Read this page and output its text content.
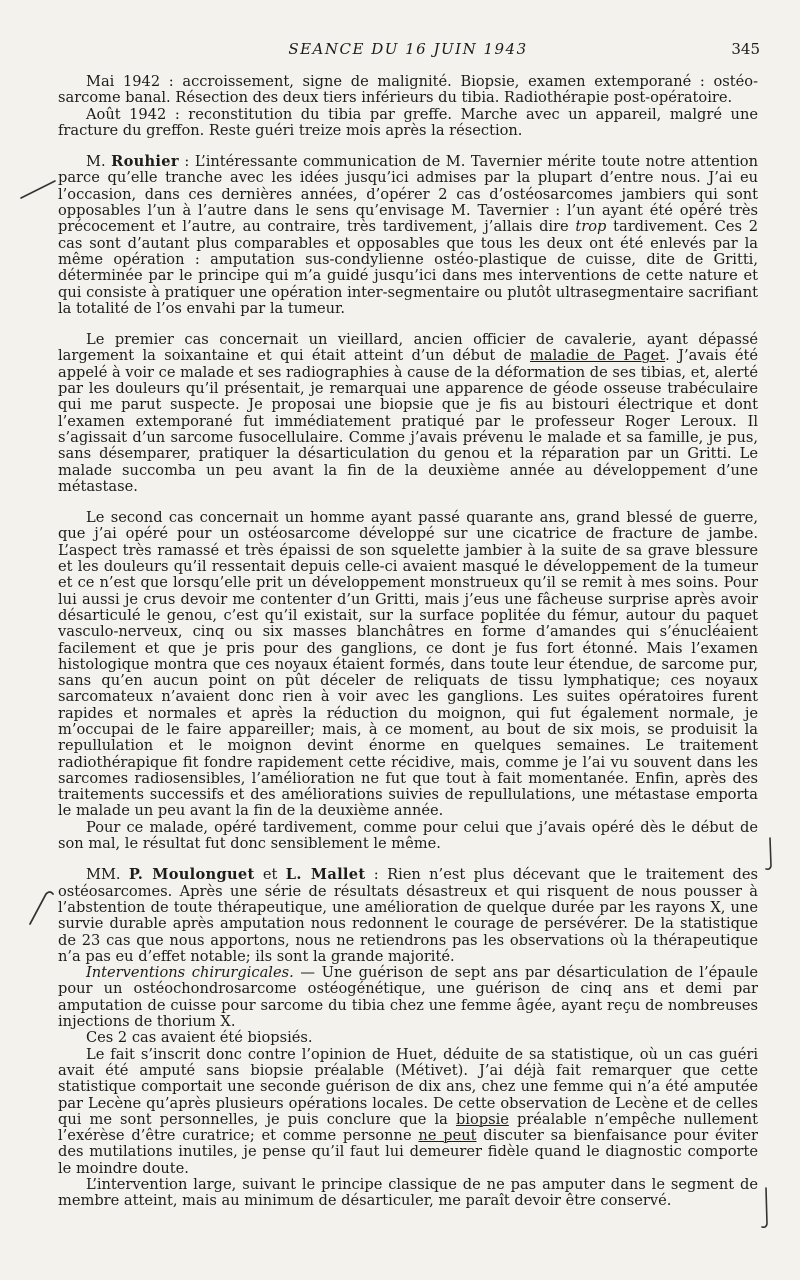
SEANCE DU 16 JUIN 1943	345

Mai 1942 : accroissement, signe de malignité. Biopsie, examen extemporané : ostéo-sarcome banal. Résection des deux tiers inférieurs du tibia. Radiothérapie post-opératoire.

Août 1942 : reconstitution du tibia par greffe. Marche avec un appareil, malgré une fracture du greffon. Reste guéri treize mois après la résection.

M. Rouhier : L’intéressante communication de M. Tavernier mérite toute notre attention parce qu’elle tranche avec les idées jusqu’ici admises par la plupart d’entre nous. J’ai eu l’occasion, dans ces dernières années, d’opérer 2 cas d’ostéosarcomes jambiers qui sont opposables l’un à l’autre dans le sens qu’envisage M. Tavernier : l’un ayant été opéré très précocement et l’autre, au contraire, très tardivement, j’allais dire trop tardivement. Ces 2 cas sont d’autant plus comparables et opposables que tous les deux ont été enlevés par la même opération : amputation sus-condylienne ostéo-plastique de cuisse, dite de Gritti, déterminée par le principe qui m’a guidé jusqu’ici dans mes interventions de cette nature et qui consiste à pratiquer une opération inter-segmentaire ou plutôt ultrasegmentaire sacrifiant la totalité de l’os envahi par la tumeur.

Le premier cas concernait un vieillard, ancien officier de cavalerie, ayant dépassé largement la soixantaine et qui était atteint d’un début de maladie de Paget. J’avais été appelé à voir ce malade et ses radiographies à cause de la déformation de ses tibias, et, alerté par les douleurs qu’il présentait, je remarquai une apparence de géode osseuse trabéculaire qui me parut suspecte. Je proposai une biopsie que je fis au bistouri électrique et dont l’examen extemporané fut immédiatement pratiqué par le professeur Roger Leroux. Il s’agissait d’un sarcome fusocellulaire. Comme j’avais prévenu le malade et sa famille, je pus, sans désemparer, pratiquer la désarticulation du genou et la réparation par un Gritti. Le malade succomba un peu avant la fin de la deuxième année au développement d’une métastase.

Le second cas concernait un homme ayant passé quarante ans, grand blessé de guerre, que j’ai opéré pour un ostéosarcome développé sur une cicatrice de fracture de jambe. L’aspect très ramassé et très épaissi de son squelette jambier à la suite de sa grave blessure et les douleurs qu’il ressentait depuis celle-ci avaient masqué le développement de la tumeur et ce n’est que lorsqu’elle prit un développement monstrueux qu’il se remit à mes soins. Pour lui aussi je crus devoir me contenter d’un Gritti, mais j’eus une fâcheuse surprise après avoir désarticulé le genou, c’est qu’il existait, sur la surface poplitée du fémur, autour du paquet vasculo-nerveux, cinq ou six masses blanchâtres en forme d’amandes qui s’énucléaient facilement et que je pris pour des ganglions, ce dont je fus fort étonné. Mais l’examen histologique montra que ces noyaux étaient formés, dans toute leur étendue, de sarcome pur, sans qu’en aucun point on pût déceler de reliquats de tissu lymphatique; ces noyaux sarcomateux n’avaient donc rien à voir avec les ganglions. Les suites opératoires furent rapides et normales et après la réduction du moignon, qui fut également normale, je m’occupai de le faire appareiller; mais, à ce moment, au bout de six mois, se produisit la repullulation et le moignon devint énorme en quelques semaines. Le traitement radiothérapique fit fondre rapidement cette récidive, mais, comme je l’ai vu souvent dans les sarcomes radiosensibles, l’amélioration ne fut que tout à fait momentanée. Enfin, après des traitements successifs et des améliorations suivies de repullulations, une métastase emporta le malade un peu avant la fin de la deuxième année.

Pour ce malade, opéré tardivement, comme pour celui que j’avais opéré dès le début de son mal, le résultat fut donc sensiblement le même.

MM. P. Moulonguet et L. Mallet : Rien n’est plus décevant que le traitement des ostéosarcomes. Après une série de résultats désastreux et qui risquent de nous pousser à l’abstention de toute thérapeutique, une amélioration de quelque durée par les rayons X, une survie durable après amputation nous redonnent le courage de persévérer. De la statistique de 23 cas que nous apportons, nous ne retiendrons pas les observations où la thérapeutique n’a pas eu d’effet notable; ils sont la grande majorité.

Interventions chirurgicales. — Une guérison de sept ans par désarticulation de l’épaule pour un ostéochondrosarcome ostéogénétique, une guérison de cinq ans et demi par amputation de cuisse pour sarcome du tibia chez une femme âgée, ayant reçu de nombreuses injections de thorium X.

Ces 2 cas avaient été biopsiés.

Le fait s’inscrit donc contre l’opinion de Huet, déduite de sa statistique, où un cas guéri avait été amputé sans biopsie préalable (Métivet). J’ai déjà fait remarquer que cette statistique comportait une seconde guérison de dix ans, chez une femme qui n’a été amputée par Lecène qu’après plusieurs opérations locales. De cette observation de Lecène et de celles qui me sont personnelles, je puis conclure que la biopsie préalable n’empêche nullement l’exérèse d’être curatrice; et comme personne ne peut discuter sa bienfaisance pour éviter des mutilations inutiles, je pense qu’il faut lui demeurer fidèle quand le diagnostic comporte le moindre doute.

L’intervention large, suivant le principe classique de ne pas amputer dans le segment de membre atteint, mais au minimum de désarticuler, me paraît devoir être conservé.
